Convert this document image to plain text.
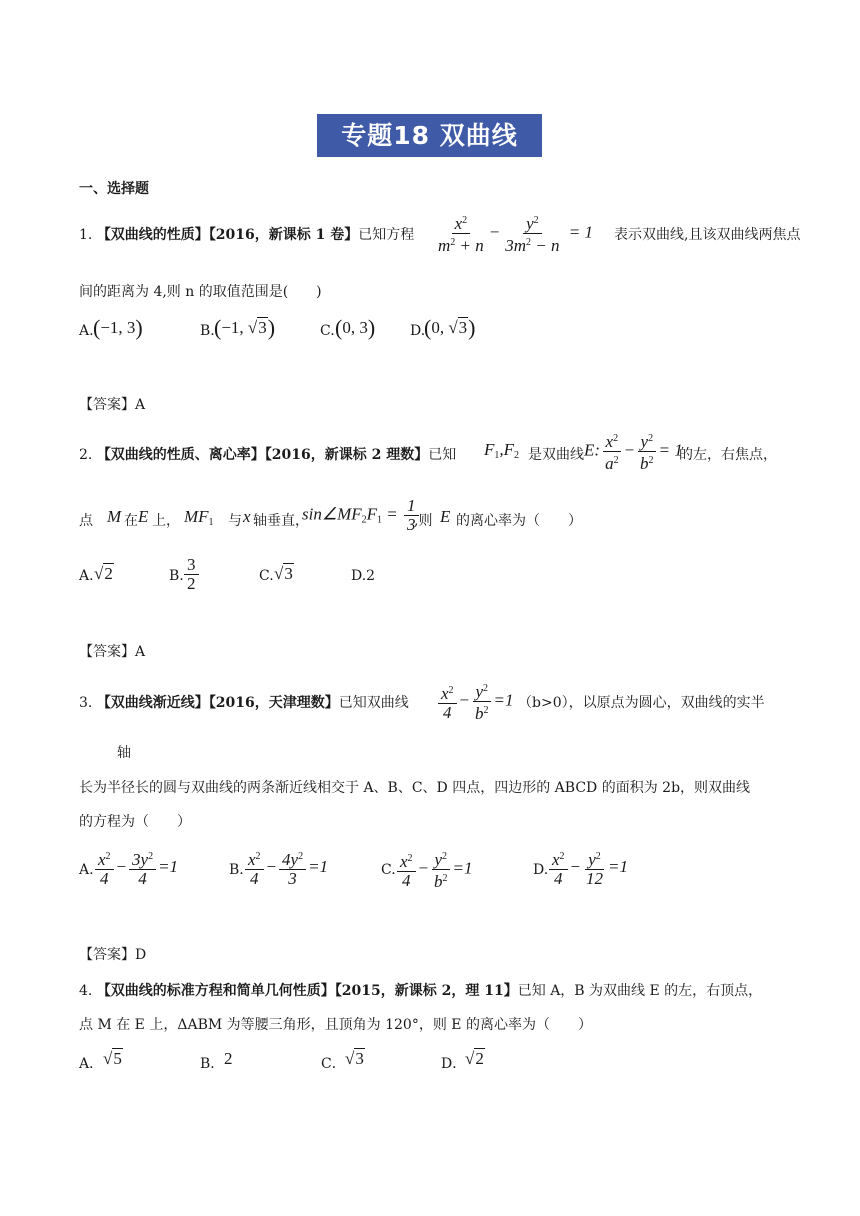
专题18 双曲线
一、选择题
1. 【双曲线的性质】【2016，新课标 1 卷】已知方程 $\frac{x^2}{m^2 + n} - \frac{y^2}{3m^2 - n} = 1$ 表示双曲线,且该双曲线两焦点
间的距离为 4,则 n 的取值范围是(　　)
A. (−1, 3)	B. (−1, √3)	C. (0, 3) D.
(0, √3)
【答案】A
2. 【双曲线的性质、离心率】【2016，新课标 2 理数】已知 $F_1,F_2$ 是双曲线 E: $\frac{x^2}{a^2} - \frac{y^2}{b^2} = 1$
的左，右焦点，
点 M 在 E 上， $MF_1$ 与 x 轴垂直，
$\sin\angle MF_2F_1 = \frac{1}{3}$
,则 E 的离心率为（　　）
A. √2	B. $\frac{3}{2}$	C. √3	D.2
【答案】A
3. 【双曲线渐近线】【2016，天津理数】已知双曲线 $\frac{x^2}{4} - \frac{y^2}{b^2} =1$ （b>0），以原点为圆心，双曲线的实半
轴
长为半径长的圆与双曲线的两条渐近线相交于 A、B、C、D 四点，四边形的 ABCD 的面积为 2b，则双曲线
的方程为（　　）
A. $\frac{x^2}{4} - \frac{3y^2}{4} =1$	B. $\frac{x^2}{4} - \frac{4y^2}{3} =1$	C. $\frac{x^2}{4} - \frac{y^2}{b^2} =1$	D. $\frac{x^2}{4} - \frac{y^2}{12} =1$
【答案】D
4. 【双曲线的标准方程和简单几何性质】【2015，新课标 2，理 11】已知 A，B 为双曲线 E 的左，右顶点，
点 M 在 E 上，ΔABM 为等腰三角形，且顶角为 120°，则 E 的离心率为（　　）
A． √5	B． 2	C． √3	D．
√2
